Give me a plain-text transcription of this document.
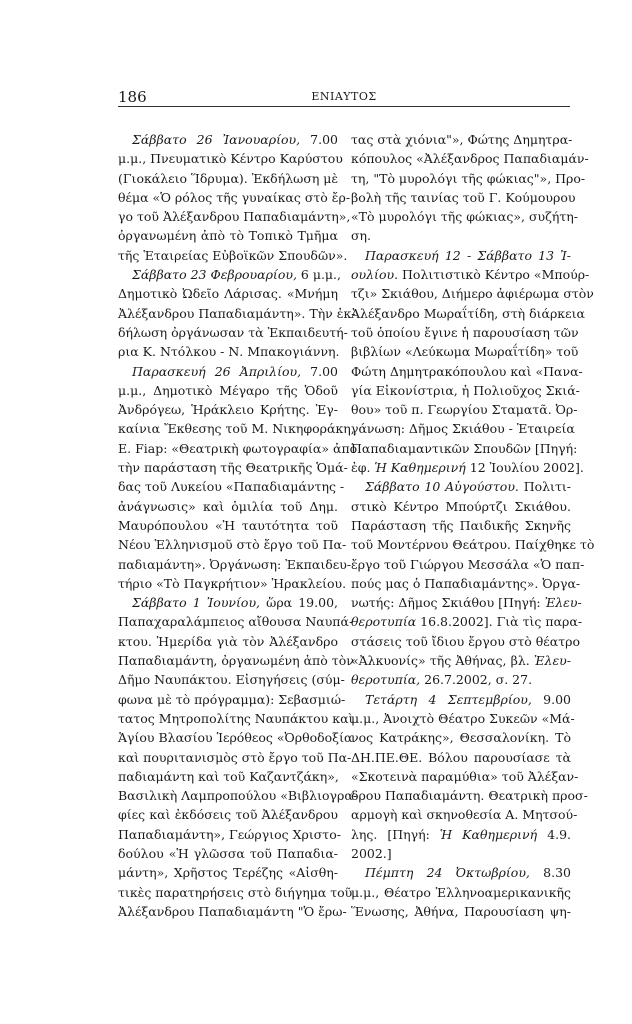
186	ΕΝΙΑΥΤΟΣ
Σάββατο 26 Ἰανουαρίου, 7.00
μ.μ., Πνευματικὸ Κέντρο Καρύστου
(Γιοκάλειο Ἵδρυμα). Ἐκδήλωση μὲ
θέμα «Ὁ ρόλος τῆς γυναίκας στὸ ἔρ-
γο τοῦ Ἀλέξανδρου Παπαδιαμάντη»,
ὀργανωμένη ἀπὸ τὸ Τοπικὸ Τμῆμα
τῆς Ἑταιρείας Εὐβοϊκῶν Σπουδῶν».
Σάββατο 23 Φεβρουαρίου, 6 μ.μ.,
Δημοτικὸ Ὠδεῖο Λάρισας. «Μνήμη
Ἀλέξανδρου Παπαδιαμάντη». Τὴν ἐκ-
δήλωση ὀργάνωσαν τὰ Ἐκπαιδευτή-
ρια Κ. Ντόλκου - Ν. Μπακογιάννη.
Παρασκευή 26 Ἀπριλίου, 7.00
μ.μ., Δημοτικὸ Μέγαρο τῆς Ὁδοῦ
Ἀνδρόγεω, Ἡράκλειο Κρήτης. Ἐγ-
καίνια Ἔκθεσης τοῦ Μ. Νικηφοράκη,
E. Fiap: «Θεατρικὴ φωτογραφία» ἀπὸ
τὴν παράσταση τῆς Θεατρικῆς Ὁμά-
δας τοῦ Λυκείου «Παπαδιαμάντης -
ἀνάγνωσις» καὶ ὁμιλία τοῦ Δημ.
Μαυρόπουλου «Ἡ ταυτότητα τοῦ
Νέου Ἑλληνισμοῦ στὸ ἔργο τοῦ Πα-
παδιαμάντη». Ὀργάνωση: Ἐκπαιδευ-
τήριο «Τὸ Παγκρήτιον» Ἡρακλείου.
Σάββατο 1 Ἰουνίου, ὥρα 19.00,
Παπαχαραλάμπειος αἴθουσα Ναυπά-
κτου. Ἡμερίδα γιὰ τὸν Ἀλέξανδρο
Παπαδιαμάντη, ὀργανωμένη ἀπὸ τὸν
Δῆμο Ναυπάκτου. Εἰσηγήσεις (σύμ-
φωνα μὲ τὸ πρόγραμμα): Σεβασμιώ-
τατος Μητροπολίτης Ναυπάκτου καὶ
Ἁγίου Βλασίου Ἱερόθεος «Ὀρθοδοξία
καὶ πουριτανισμὸς στὸ ἔργο τοῦ Πα-
παδιαμάντη καὶ τοῦ Καζαντζάκη»,
Βασιλικὴ Λαμπροπούλου «Βιβλιογρα-
φίες καὶ ἐκδόσεις τοῦ Ἀλέξανδρου
Παπαδιαμάντη», Γεώργιος Χριστο-
δούλου «Ἡ γλῶσσα τοῦ Παπαδια-
μάντη», Χρῆστος Τερέζης «Αἰσθη-
τικὲς παρατηρήσεις στὸ διήγημα τοῦ
Ἀλέξανδρου Παπαδιαμάντη "Ὁ ἔρω-
τας στὰ χιόνια"», Φώτης Δημητρα-
κόπουλος «Ἀλέξανδρος Παπαδιαμάν-
τη, "Τὸ μυρολόγι τῆς φώκιας"», Προ-
βολὴ τῆς ταινίας τοῦ Γ. Κούμουρου
«Τὸ μυρολόγι τῆς φώκιας», συζήτη-
ση.
Παρασκευή 12 - Σάββατο 13 Ἰ-
ουλίου. Πολιτιστικὸ Κέντρο «Μπούρ-
τζι» Σκιάθου, Διήμερο ἀφιέρωμα στὸν
Ἀλέξανδρο Μωραΐτίδη, στὴ διάρκεια
τοῦ ὁποίου ἔγινε ἡ παρουσίαση τῶν
βιβλίων «Λεύκωμα Μωραΐτίδη» τοῦ
Φώτη Δημητρακόπουλου καὶ «Πανα-
γία Εἰκονίστρια, ἡ Πολιοῦχος Σκιά-
θου» τοῦ π. Γεωργίου Σταματᾶ. Ὀρ-
γάνωση: Δῆμος Σκιάθου - Ἑταιρεία
Παπαδιαμαντικῶν Σπουδῶν [Πηγή:
ἐφ. Ἡ Καθημερινή 12 Ἰουλίου 2002].
Σάββατο 10 Αὐγούστου. Πολιτι-
στικὸ Κέντρο Μπούρτζι Σκιάθου.
Παράσταση τῆς Παιδικῆς Σκηνῆς
τοῦ Μοντέρνου Θεάτρου. Παίχθηκε τὸ
ἔργο τοῦ Γιώργου Μεσσάλα «Ὁ παπ-
πούς μας ὁ Παπαδιαμάντης». Ὀργα-
νωτής: Δῆμος Σκιάθου [Πηγή: Ἐλευ-
θεροτυπία 16.8.2002]. Γιὰ τὶς παρα-
στάσεις τοῦ ἴδιου ἔργου στὸ θέατρο
«Ἀλκυονίς» τῆς Ἀθήνας, βλ. Ἐλευ-
θεροτυπία, 26.7.2002, σ. 27.
Τετάρτη 4 Σεπτεμβρίου, 9.00
μ.μ., Ἀνοιχτὸ Θέατρο Συκεῶν «Μά-
νος Κατράκης», Θεσσαλονίκη. Τὸ
ΔΗ.ΠΕ.ΘΕ. Βόλου παρουσίασε τὰ
«Σκοτεινὰ παραμύθια» τοῦ Ἀλέξαν-
δρου Παπαδιαμάντη. Θεατρικὴ προσ-
αρμογὴ καὶ σκηνοθεσία Α. Μητσού-
λης. [Πηγή: Ἡ Καθημερινή 4.9.
2002.]
Πέμπτη 24 Ὀκτωβρίου, 8.30
μ.μ., Θέατρο Ἑλληνοαμερικανικῆς
Ἕνωσης, Ἀθήνα, Παρουσίαση ψη-
